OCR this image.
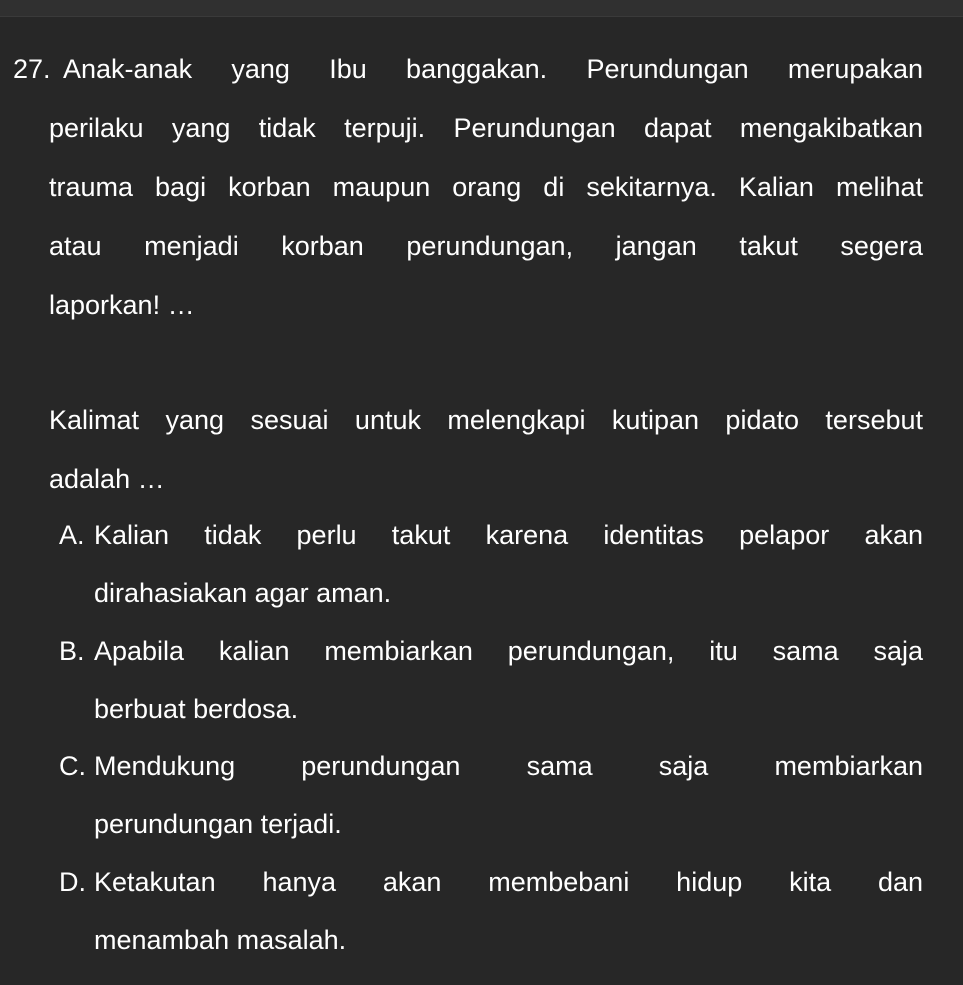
27. Anak-anak yang Ibu banggakan. Perundungan merupakan
perilaku yang tidak terpuji. Perundungan dapat mengakibatkan
trauma bagi korban maupun orang di sekitarnya. Kalian melihat
atau menjadi korban perundungan, jangan takut segera
laporkan! …
Kalimat yang sesuai untuk melengkapi kutipan pidato tersebut
adalah …
A. Kalian tidak perlu takut karena identitas pelapor akan
dirahasiakan agar aman.
B. Apabila kalian membiarkan perundungan, itu sama saja
berbuat berdosa.
C. Mendukung perundungan sama saja membiarkan
perundungan terjadi.
D. Ketakutan hanya akan membebani hidup kita dan
menambah masalah.
